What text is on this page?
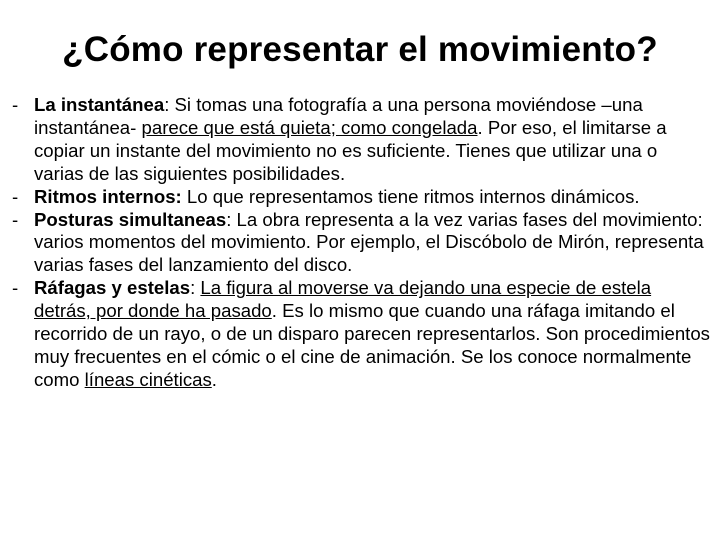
¿Cómo representar el movimiento?
- La instantánea: Si tomas una fotografía a una persona moviéndose –una instantánea- parece que está quieta; como congelada. Por eso, el limitarse a copiar un instante del movimiento no es suficiente. Tienes que utilizar una o varias de las siguientes posibilidades.
- Ritmos internos: Lo que representamos tiene ritmos internos dinámicos.
- Posturas simultaneas: La obra representa a la vez varias fases del movimiento: varios momentos del movimiento. Por ejemplo, el Discóbolo de Mirón, representa varias fases del lanzamiento del disco.
- Ráfagas y estelas: La figura al moverse va dejando una especie de estela detrás, por donde ha pasado. Es lo mismo que cuando una ráfaga imitando el recorrido de un rayo, o de un disparo parecen representarlos. Son procedimientos muy frecuentes en el cómic o el cine de animación. Se los conoce normalmente como líneas cinéticas.
